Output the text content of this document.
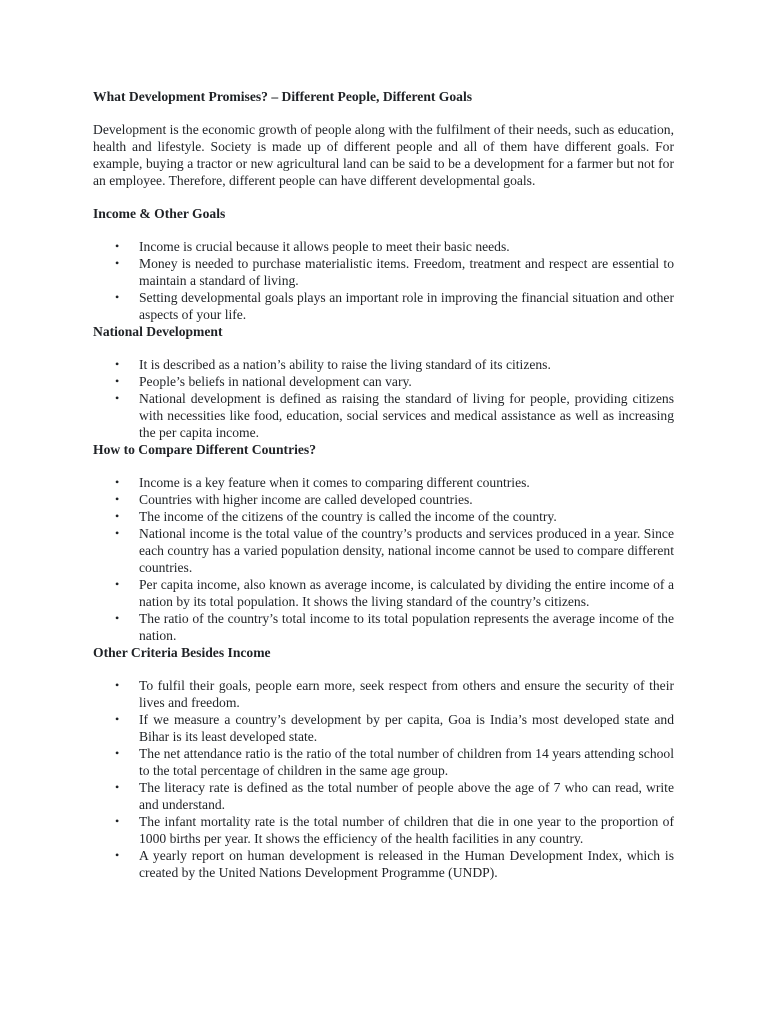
What Development Promises? – Different People, Different Goals

Development is the economic growth of people along with the fulfilment of their needs, such as education, health and lifestyle. Society is made up of different people and all of them have different goals. For example, buying a tractor or new agricultural land can be said to be a development for a farmer but not for an employee. Therefore, different people can have different developmental goals.

Income & Other Goals

• Income is crucial because it allows people to meet their basic needs.
• Money is needed to purchase materialistic items. Freedom, treatment and respect are essential to maintain a standard of living.
• Setting developmental goals plays an important role in improving the financial situation and other aspects of your life.

National Development

• It is described as a nation’s ability to raise the living standard of its citizens.
• People’s beliefs in national development can vary.
• National development is defined as raising the standard of living for people, providing citizens with necessities like food, education, social services and medical assistance as well as increasing the per capita income.

How to Compare Different Countries?

• Income is a key feature when it comes to comparing different countries.
• Countries with higher income are called developed countries.
• The income of the citizens of the country is called the income of the country.
• National income is the total value of the country’s products and services produced in a year. Since each country has a varied population density, national income cannot be used to compare different countries.
• Per capita income, also known as average income, is calculated by dividing the entire income of a nation by its total population. It shows the living standard of the country’s citizens.
• The ratio of the country’s total income to its total population represents the average income of the nation.

Other Criteria Besides Income

• To fulfil their goals, people earn more, seek respect from others and ensure the security of their lives and freedom.
• If we measure a country’s development by per capita, Goa is India’s most developed state and Bihar is its least developed state.
• The net attendance ratio is the ratio of the total number of children from 14 years attending school to the total percentage of children in the same age group.
• The literacy rate is defined as the total number of people above the age of 7 who can read, write and understand.
• The infant mortality rate is the total number of children that die in one year to the proportion of 1000 births per year. It shows the efficiency of the health facilities in any country.
• A yearly report on human development is released in the Human Development Index, which is created by the United Nations Development Programme (UNDP).
